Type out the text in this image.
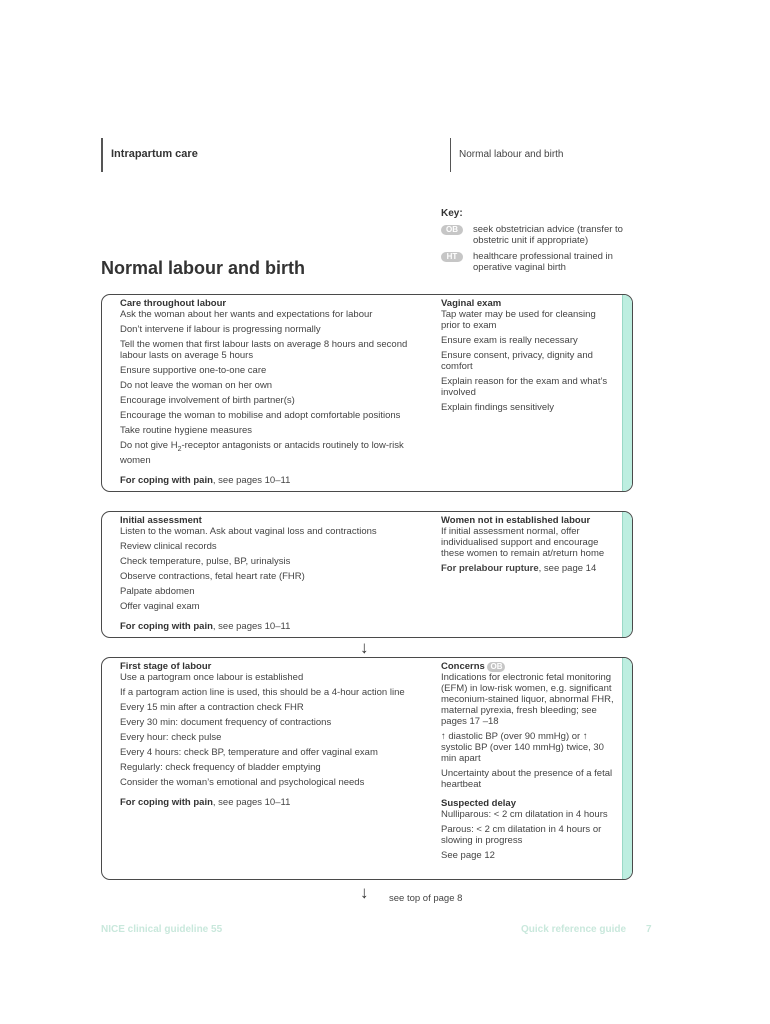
Intrapartum care	Normal labour and birth
Key:
OB	seek obstetrician advice (transfer to obstetric unit if appropriate)
HT	healthcare professional trained in operative vaginal birth
Normal labour and birth
Care throughout labour
Ask the woman about her wants and expectations for labour
Don’t intervene if labour is progressing normally
Tell the women that first labour lasts on average 8 hours and second labour lasts on average 5 hours
Ensure supportive one-to-one care
Do not leave the woman on her own
Encourage involvement of birth partner(s)
Encourage the woman to mobilise and adopt comfortable positions
Take routine hygiene measures
Do not give $H_2$-receptor antagonists or antacids routinely to low-risk women
For coping with pain, see pages 10–11
Vaginal exam
Tap water may be used for cleansing prior to exam
Ensure exam is really necessary
Ensure consent, privacy, dignity and comfort
Explain reason for the exam and what’s involved
Explain findings sensitively
Initial assessment
Listen to the woman. Ask about vaginal loss and contractions
Review clinical records
Check temperature, pulse, BP, urinalysis
Observe contractions, fetal heart rate (FHR)
Palpate abdomen
Offer vaginal exam
For coping with pain, see pages 10–11
Women not in established labour
If initial assessment normal, offer individualised support and encourage these women to remain at/return home
For prelabour rupture, see page 14
↓
First stage of labour
Use a partogram once labour is established
If a partogram action line is used, this should be a 4-hour action line
Every 15 min after a contraction check FHR
Every 30 min: document frequency of contractions
Every hour: check pulse
Every 4 hours: check BP, temperature and offer vaginal exam
Regularly: check frequency of bladder emptying
Consider the woman’s emotional and psychological needs
For coping with pain, see pages 10–11
Concerns OB
Indications for electronic fetal monitoring (EFM) in low-risk women, e.g. significant meconium-stained liquor, abnormal FHR, maternal pyrexia, fresh bleeding; see pages 17 –18
↑ diastolic BP (over 90 mmHg) or ↑ systolic BP (over 140 mmHg) twice, 30 min apart
Uncertainty about the presence of a fetal heartbeat
Suspected delay
Nulliparous: < 2 cm dilatation in 4 hours
Parous: < 2 cm dilatation in 4 hours or slowing in progress
See page 12
↓ see top of page 8
NICE clinical guideline 55	Quick reference guide 7
